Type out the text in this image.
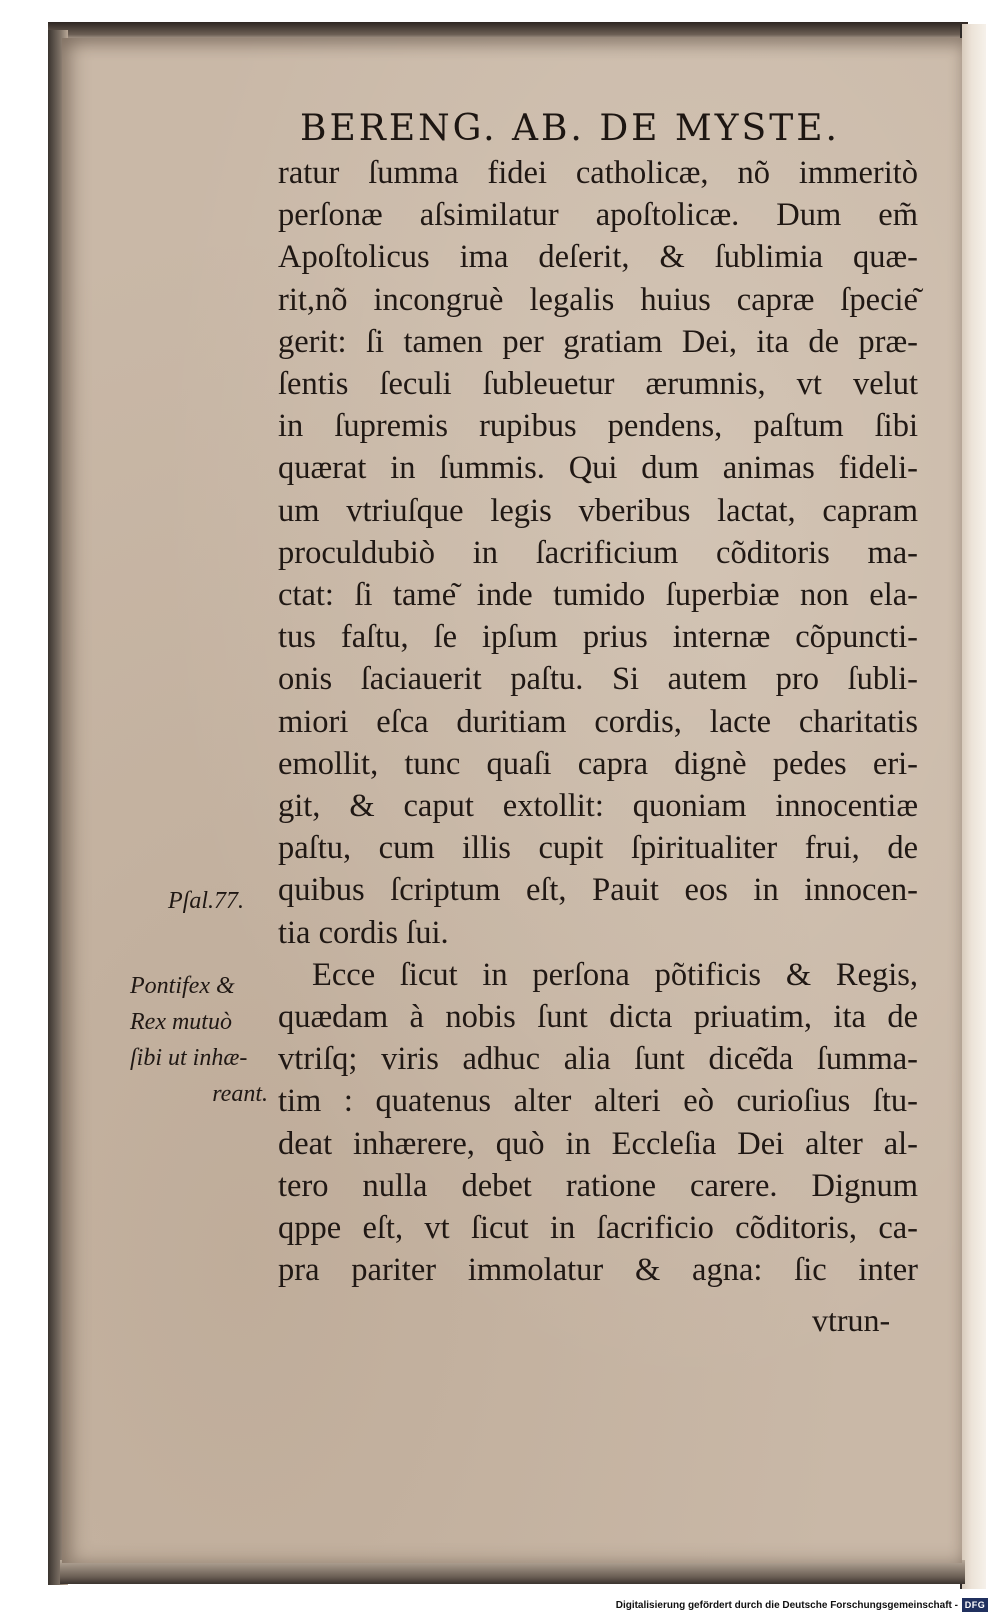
BERENG. AB. DE MYSTE.
ratur ſumma fidei catholicæ, nõ immeritò
perſonæ aſsimilatur apoſtolicæ. Dum em̃
Apoſtolicus ima deſerit, & ſublimia quæ-
rit,nõ incongruè legalis huius capræ ſpecie͂
gerit: ſi tamen per gratiam Dei, ita de præ-
ſentis ſeculi ſubleuetur ærumnis, vt velut
in ſupremis rupibus pendens, paſtum ſibi
quærat in ſummis. Qui dum animas fideli-
um vtriuſque legis vberibus lactat, capram
proculdubiò in ſacrificium cõditoris ma-
ctat: ſi tame͂ inde tumido ſuperbiæ non ela-
tus faſtu, ſe ipſum prius internæ cõpuncti-
onis ſaciauerit paſtu. Si autem pro ſubli-
miori eſca duritiam cordis, lacte charitatis
emollit, tunc quaſi capra dignè pedes eri-
git, & caput extollit: quoniam innocentiæ
paſtu, cum illis cupit ſpiritualiter frui, de
quibus ſcriptum eſt, Pauit eos in innocen-
tia cordis ſui.
Ecce ſicut in perſona põtificis & Regis,
quædam à nobis ſunt dicta priuatim, ita de
vtriſq; viris adhuc alia ſunt dice͂da ſumma-
tim : quatenus alter alteri eò curioſius ſtu-
deat inhærere, quò in Eccleſia Dei alter al-
tero nulla debet ratione carere. Dignum
qppe eſt, vt ſicut in ſacrificio cõditoris, ca-
pra pariter immolatur & agna: ſic inter
vtrun-
Pſal.77.
Pontifex &
Rex mutuò
ſibi ut inhæ-
reant.
Digitalisierung gefördert durch die Deutsche Forschungsgemeinschaft - DFG
